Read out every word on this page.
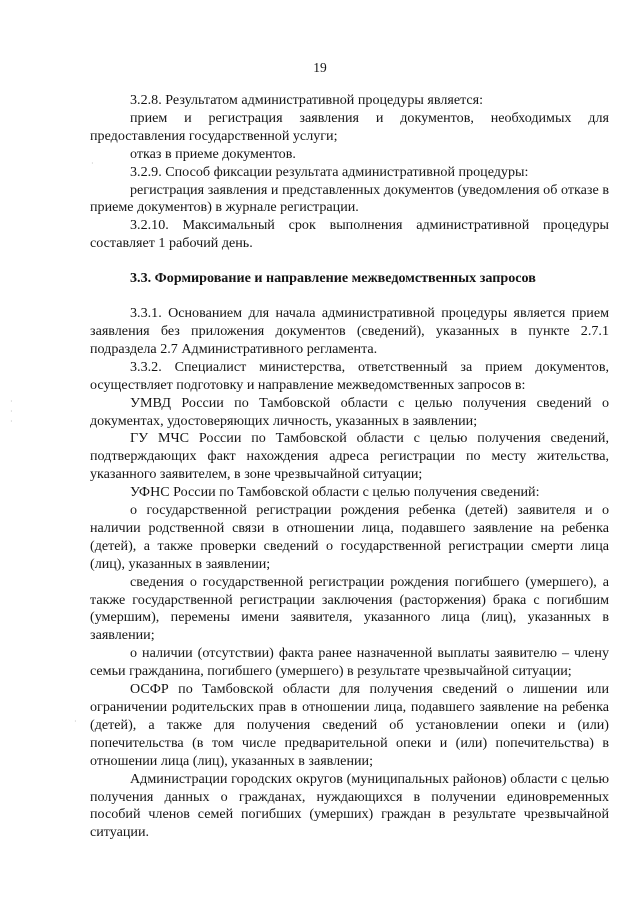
19

3.2.8. Результатом административной процедуры является:

прием и регистрация заявления и документов, необходимых для предоставления государственной услуги;

отказ в приеме документов.

3.2.9. Способ фиксации результата административной процедуры:

регистрация заявления и представленных документов (уведомления об отказе в приеме документов) в журнале регистрации.

3.2.10. Максимальный срок выполнения административной процедуры составляет 1 рабочий день.

3.3. Формирование и направление межведомственных запросов

3.3.1. Основанием для начала административной процедуры является прием заявления без приложения документов (сведений), указанных в пункте 2.7.1 подраздела 2.7 Административного регламента.

3.3.2. Специалист министерства, ответственный за прием документов, осуществляет подготовку и направление межведомственных запросов в:

УМВД России по Тамбовской области с целью получения сведений о документах, удостоверяющих личность, указанных в заявлении;

ГУ МЧС России по Тамбовской области с целью получения сведений, подтверждающих факт нахождения адреса регистрации по месту жительства, указанного заявителем, в зоне чрезвычайной ситуации;

УФНС России по Тамбовской области с целью получения сведений:

о государственной регистрации рождения ребенка (детей) заявителя и о наличии родственной связи в отношении лица, подавшего заявление на ребенка (детей), а также проверки сведений о государственной регистрации смерти лица (лиц), указанных в заявлении;

сведения о государственной регистрации рождения погибшего (умершего), а также государственной регистрации заключения (расторжения) брака с погибшим (умершим), перемены имени заявителя, указанного лица (лиц), указанных в заявлении;

о наличии (отсутствии) факта ранее назначенной выплаты заявителю – члену семьи гражданина, погибшего (умершего) в результате чрезвычайной ситуации;

ОСФР по Тамбовской области для получения сведений о лишении или ограничении родительских прав в отношении лица, подавшего заявление на ребенка (детей), а также для получения сведений об установлении опеки и (или) попечительства (в том числе предварительной опеки и (или) попечительства) в отношении лица (лиц), указанных в заявлении;

Администрации городских округов (муниципальных районов) области с целью получения данных о гражданах, нуждающихся в получении единовременных пособий членов семей погибших (умерших) граждан в результате чрезвычайной ситуации.

·
·
·
·
·
